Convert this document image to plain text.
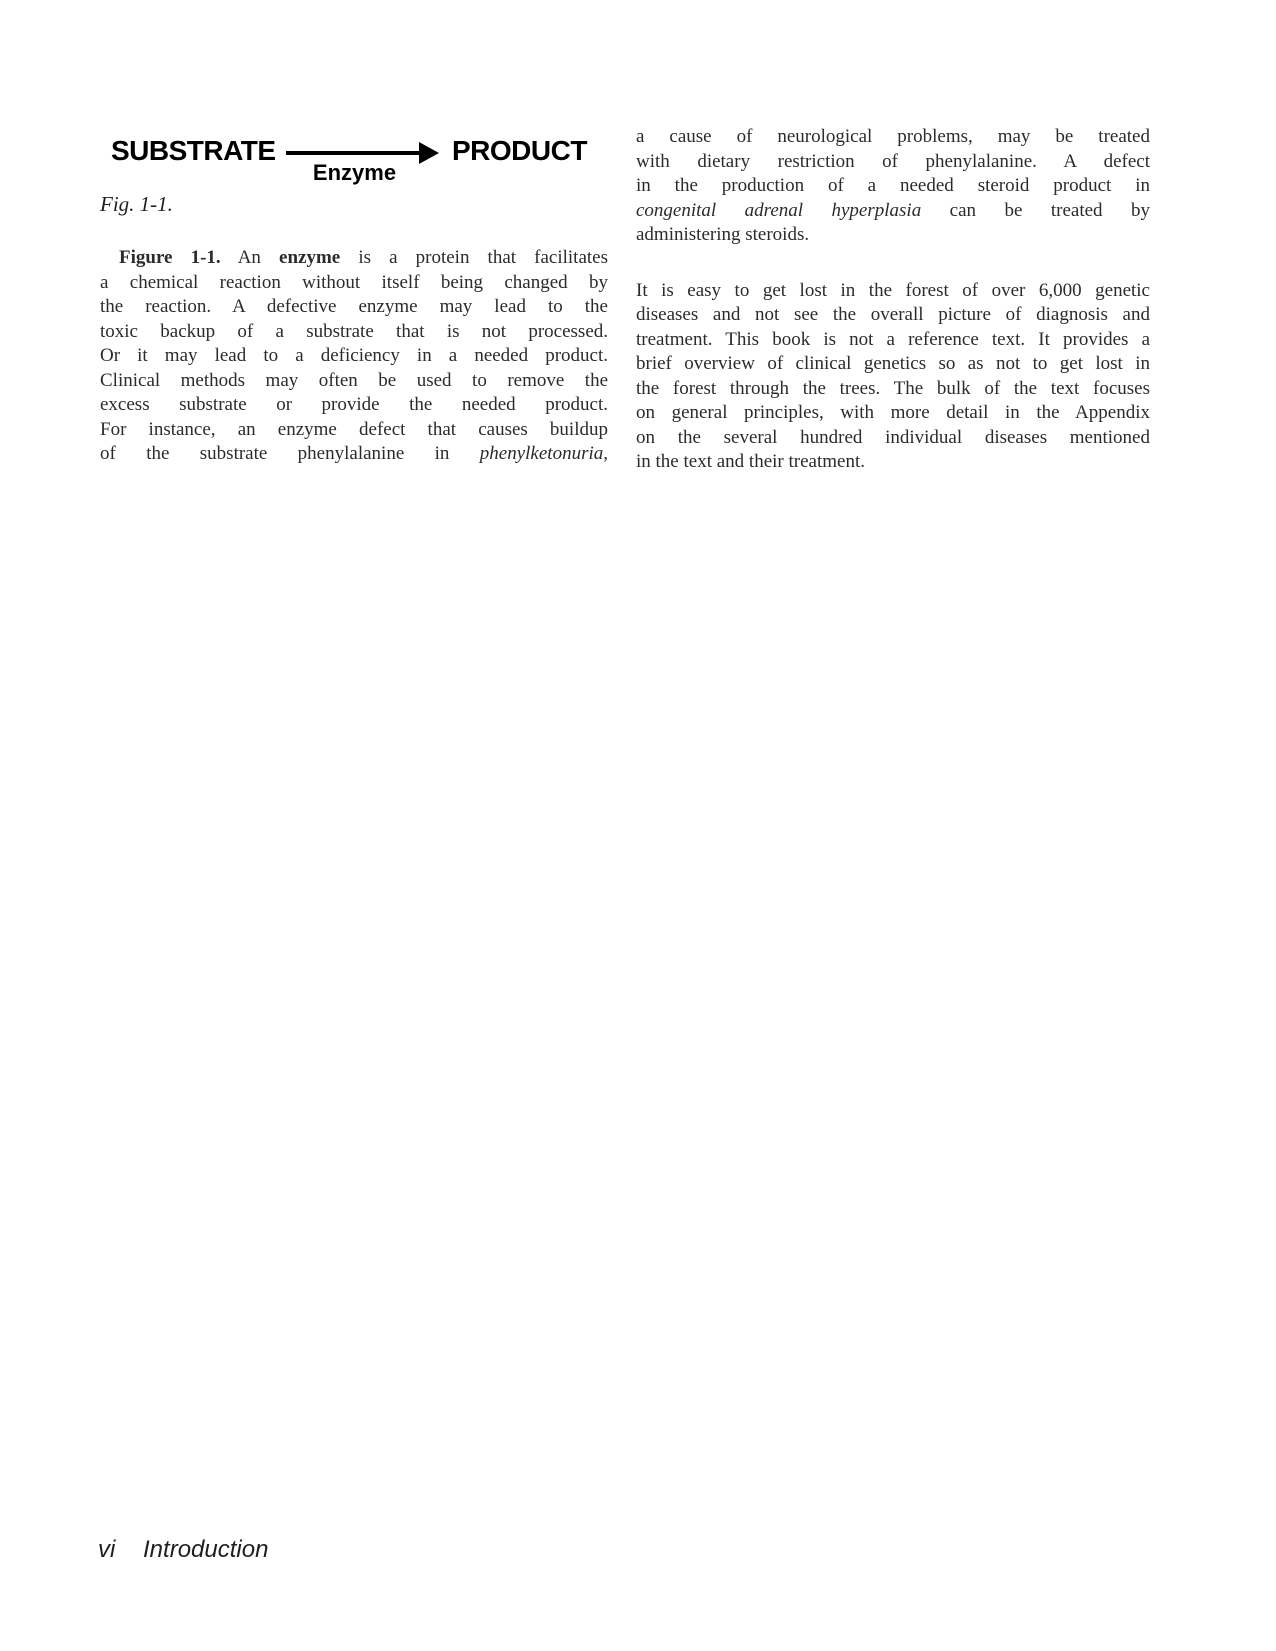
SUBSTRATE	PRODUCT
Enzyme
Fig. 1-1.
Figure 1-1. An enzyme is a protein that facilitates
a chemical reaction without itself being changed by
the reaction. A defective enzyme may lead to the
toxic backup of a substrate that is not processed.
Or it may lead to a deficiency in a needed product.
Clinical methods may often be used to remove the
excess substrate or provide the needed product.
For instance, an enzyme defect that causes buildup
of the substrate phenylalanine in phenylketonuria,
a cause of neurological problems, may be treated
with dietary restriction of phenylalanine. A defect
in the production of a needed steroid product in
congenital adrenal hyperplasia can be treated by
administering steroids.
It is easy to get lost in the forest of over 6,000 genetic
diseases and not see the overall picture of diagnosis and
treatment. This book is not a reference text. It provides a
brief overview of clinical genetics so as not to get lost in
the forest through the trees. The bulk of the text focuses
on general principles, with more detail in the Appendix
on the several hundred individual diseases mentioned
in the text and their treatment.
vi Introduction
